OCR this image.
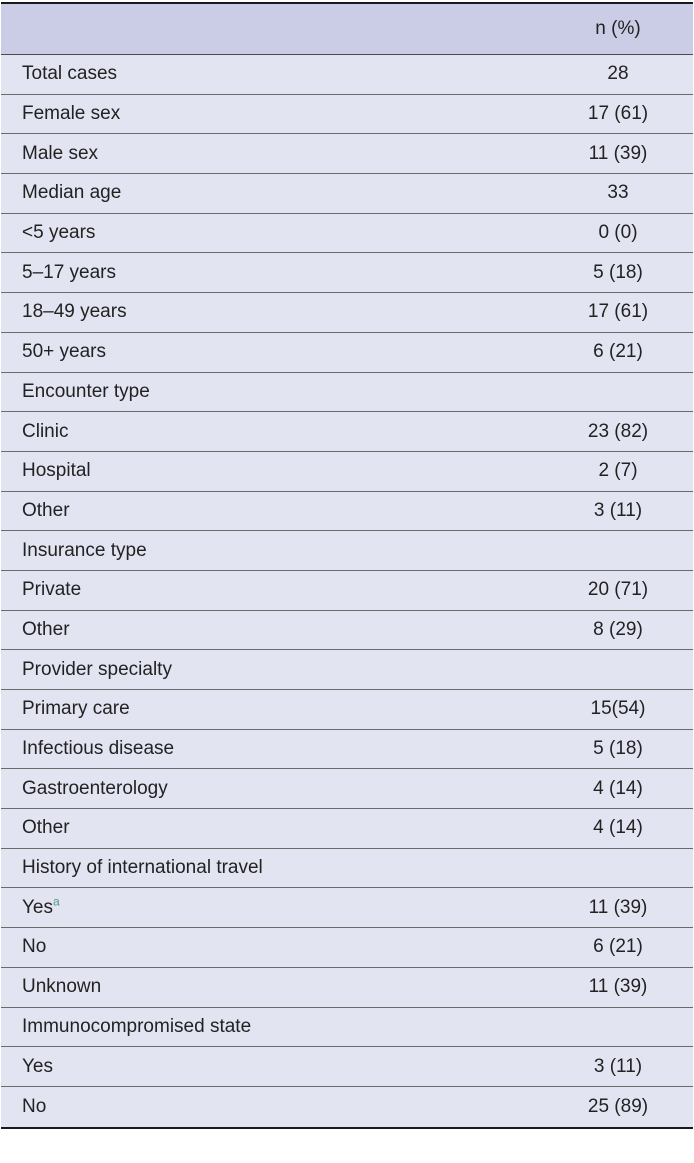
n (%)
Total cases	28
Female sex	17 (61)
Male sex	11 (39)
Median age	33
<5 years	0 (0)
5–17 years	5 (18)
18–49 years	17 (61)
50+ years	6 (21)
Encounter type
Clinic	23 (82)
Hospital	2 (7)
Other	3 (11)
Insurance type
Private	20 (71)
Other	8 (29)
Provider specialty
Primary care	15(54)
Infectious disease	5 (18)
Gastroenterology	4 (14)
Other	4 (14)
History of international travel
Yes$^a$	11 (39)
No	6 (21)
Unknown	11 (39)
Immunocompromised state
Yes	3 (11)
No	25 (89)
